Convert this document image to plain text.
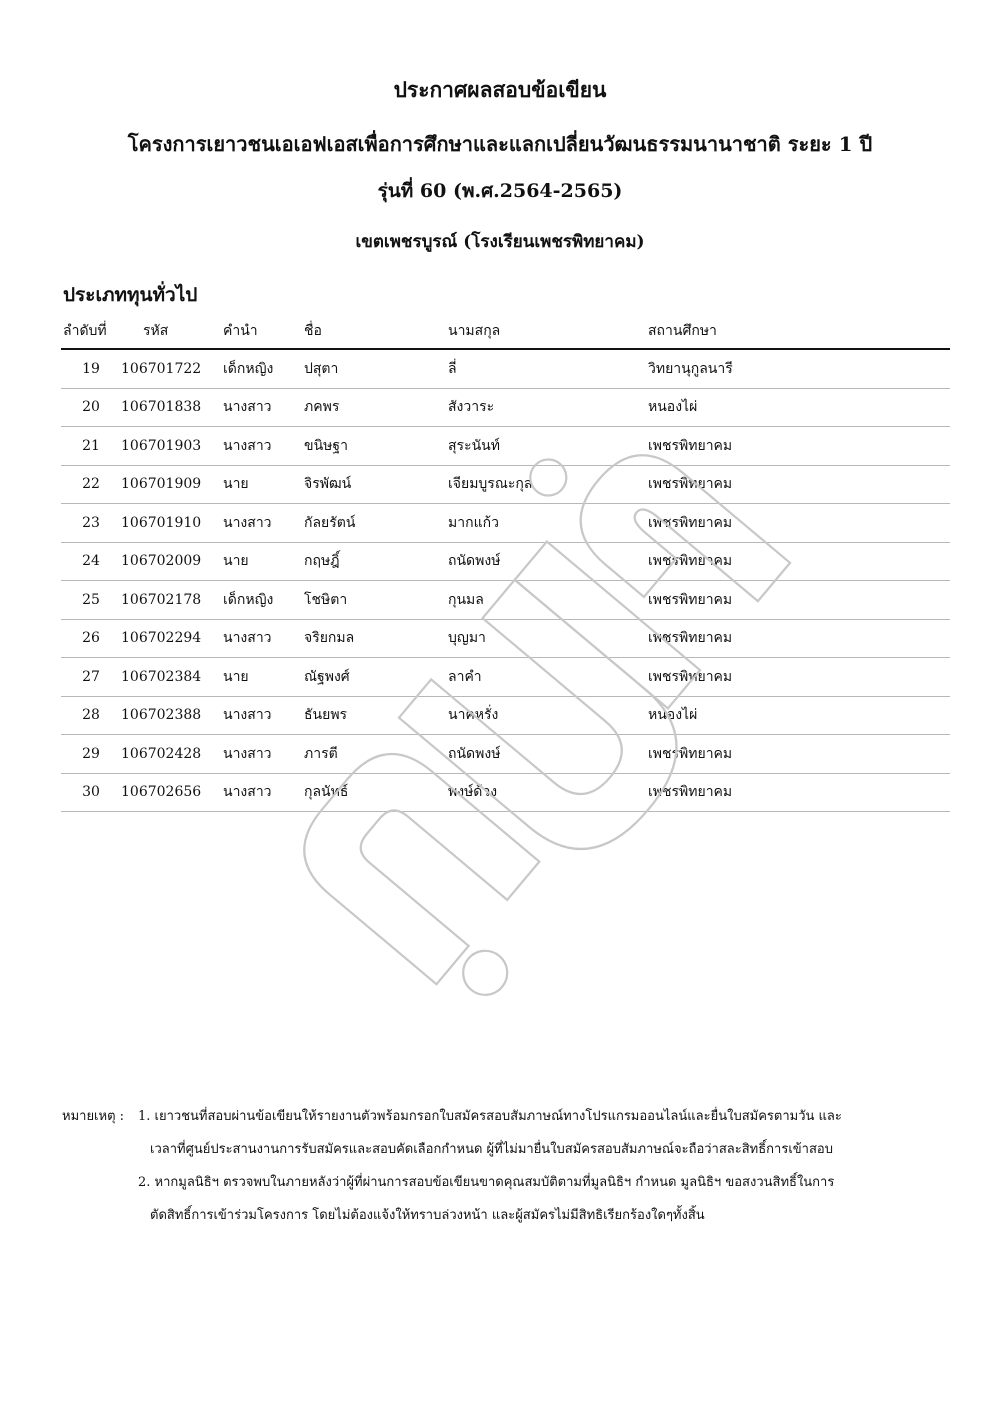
ประกาศผลสอบข้อเขียน
โครงการเยาวชนเอเอฟเอสเพื่อการศึกษาและแลกเปลี่ยนวัฒนธรรมนานาชาติ ระยะ 1 ปี
รุ่นที่ 60 (พ.ศ.2564-2565)
เขตเพชรบูรณ์ (โรงเรียนเพชรพิทยาคม)
ประเภททุนทั่วไป
ลำดับที่	รหัส	คำนำ	ชื่อ	นามสกุล	สถานศึกษา
19	106701722	เด็กหญิง	ปสุตา	ลี่	วิทยานุกูลนารี
20	106701838	นางสาว	ภคพร	สังวาระ	หนองไผ่
21	106701903	นางสาว	ขนิษฐา	สุระนันท์	เพชรพิทยาคม
22	106701909	นาย	จิรพัฒน์	เจียมบูรณะกุล	เพชรพิทยาคม
23	106701910	นางสาว	กัลยรัตน์	มากแก้ว	เพชรพิทยาคม
24	106702009	นาย	กฤษฎิ์	ถนัดพงษ์	เพชรพิทยาคม
25	106702178	เด็กหญิง	โชษิตา	กุนมล	เพชรพิทยาคม
26	106702294	นางสาว	จริยกมล	บุญมา	เพชรพิทยาคม
27	106702384	นาย	ณัฐพงศ์	ลาคำ	เพชรพิทยาคม
28	106702388	นางสาว	ธันยพร	นาคหรั่ง	หนองไผ่
29	106702428	นางสาว	ภารตี	ถนัดพงษ์	เพชรพิทยาคม
30	106702656	นางสาว	กุลนัทธ์	พงษ์ด้วง	เพชรพิทยาคม
หมายเหตุ : 1. เยาวชนที่สอบผ่านข้อเขียนให้รายงานตัวพร้อมกรอกใบสมัครสอบสัมภาษณ์ทางโปรแกรมออนไลน์และยื่นใบสมัครตามวัน และ
เวลาที่ศูนย์ประสานงานการรับสมัครและสอบคัดเลือกกำหนด ผู้ที่ไม่มายื่นใบสมัครสอบสัมภาษณ์จะถือว่าสละสิทธิ์การเข้าสอบ
2. หากมูลนิธิฯ ตรวจพบในภายหลังว่าผู้ที่ผ่านการสอบข้อเขียนขาดคุณสมบัติตามที่มูลนิธิฯ กำหนด มูลนิธิฯ ขอสงวนสิทธิ์ในการ
ตัดสิทธิ์การเข้าร่วมโครงการ โดยไม่ต้องแจ้งให้ทราบล่วงหน้า และผู้สมัครไม่มีสิทธิเรียกร้องใดๆทั้งสิ้น
